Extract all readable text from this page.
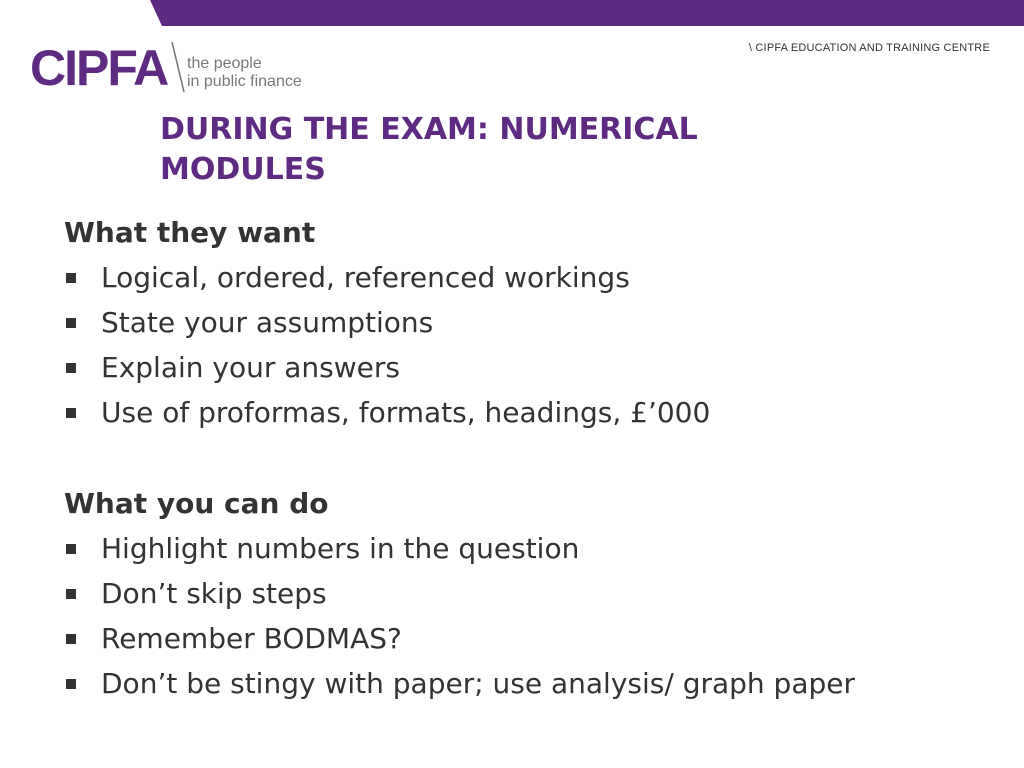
CIPFA the people
in public finance
\ CIPFA EDUCATION AND TRAINING CENTRE
DURING THE EXAM: NUMERICAL
MODULES
What they want
Logical, ordered, referenced workings
State your assumptions
Explain your answers
Use of proformas, formats, headings, £’000
What you can do
Highlight numbers in the question
Don’t skip steps
Remember BODMAS?
Don’t be stingy with paper; use analysis/ graph paper
